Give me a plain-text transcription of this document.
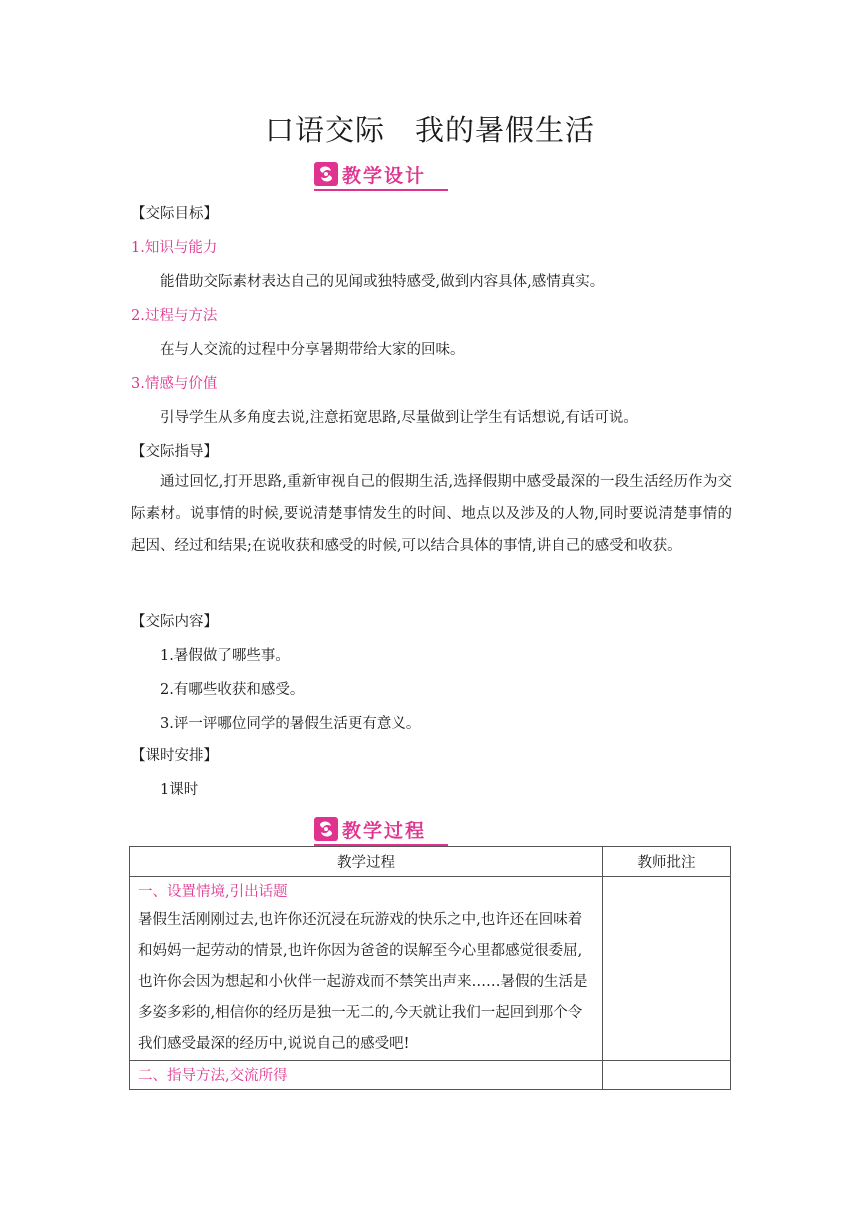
口语交际　我的暑假生活
教学设计
【交际目标】
1.知识与能力
能借助交际素材表达自己的见闻或独特感受,做到内容具体,感情真实。
2.过程与方法
在与人交流的过程中分享暑期带给大家的回味。
3.情感与价值
引导学生从多角度去说,注意拓宽思路,尽量做到让学生有话想说,有话可说。
【交际指导】
通过回忆,打开思路,重新审视自己的假期生活,选择假期中感受最深的一段生活经历作为交际素材。说事情的时候,要说清楚事情发生的时间、地点以及涉及的人物,同时要说清楚事情的起因、经过和结果;在说收获和感受的时候,可以结合具体的事情,讲自己的感受和收获。
【交际内容】
1.暑假做了哪些事。
2.有哪些收获和感受。
3.评一评哪位同学的暑假生活更有意义。
【课时安排】
1课时
教学过程
教学过程	教师批注

一、设置情境,引出话题
暑假生活刚刚过去,也许你还沉浸在玩游戏的快乐之中,也许还在回味着和妈妈一起劳动的情景,也许你因为爸爸的误解至今心里都感觉很委屈,也许你会因为想起和小伙伴一起游戏而不禁笑出声来……暑假的生活是多姿多彩的,相信你的经历是独一无二的,今天就让我们一起回到那个令我们感受最深的经历中,说说自己的感受吧!	

二、指导方法,交流所得	
